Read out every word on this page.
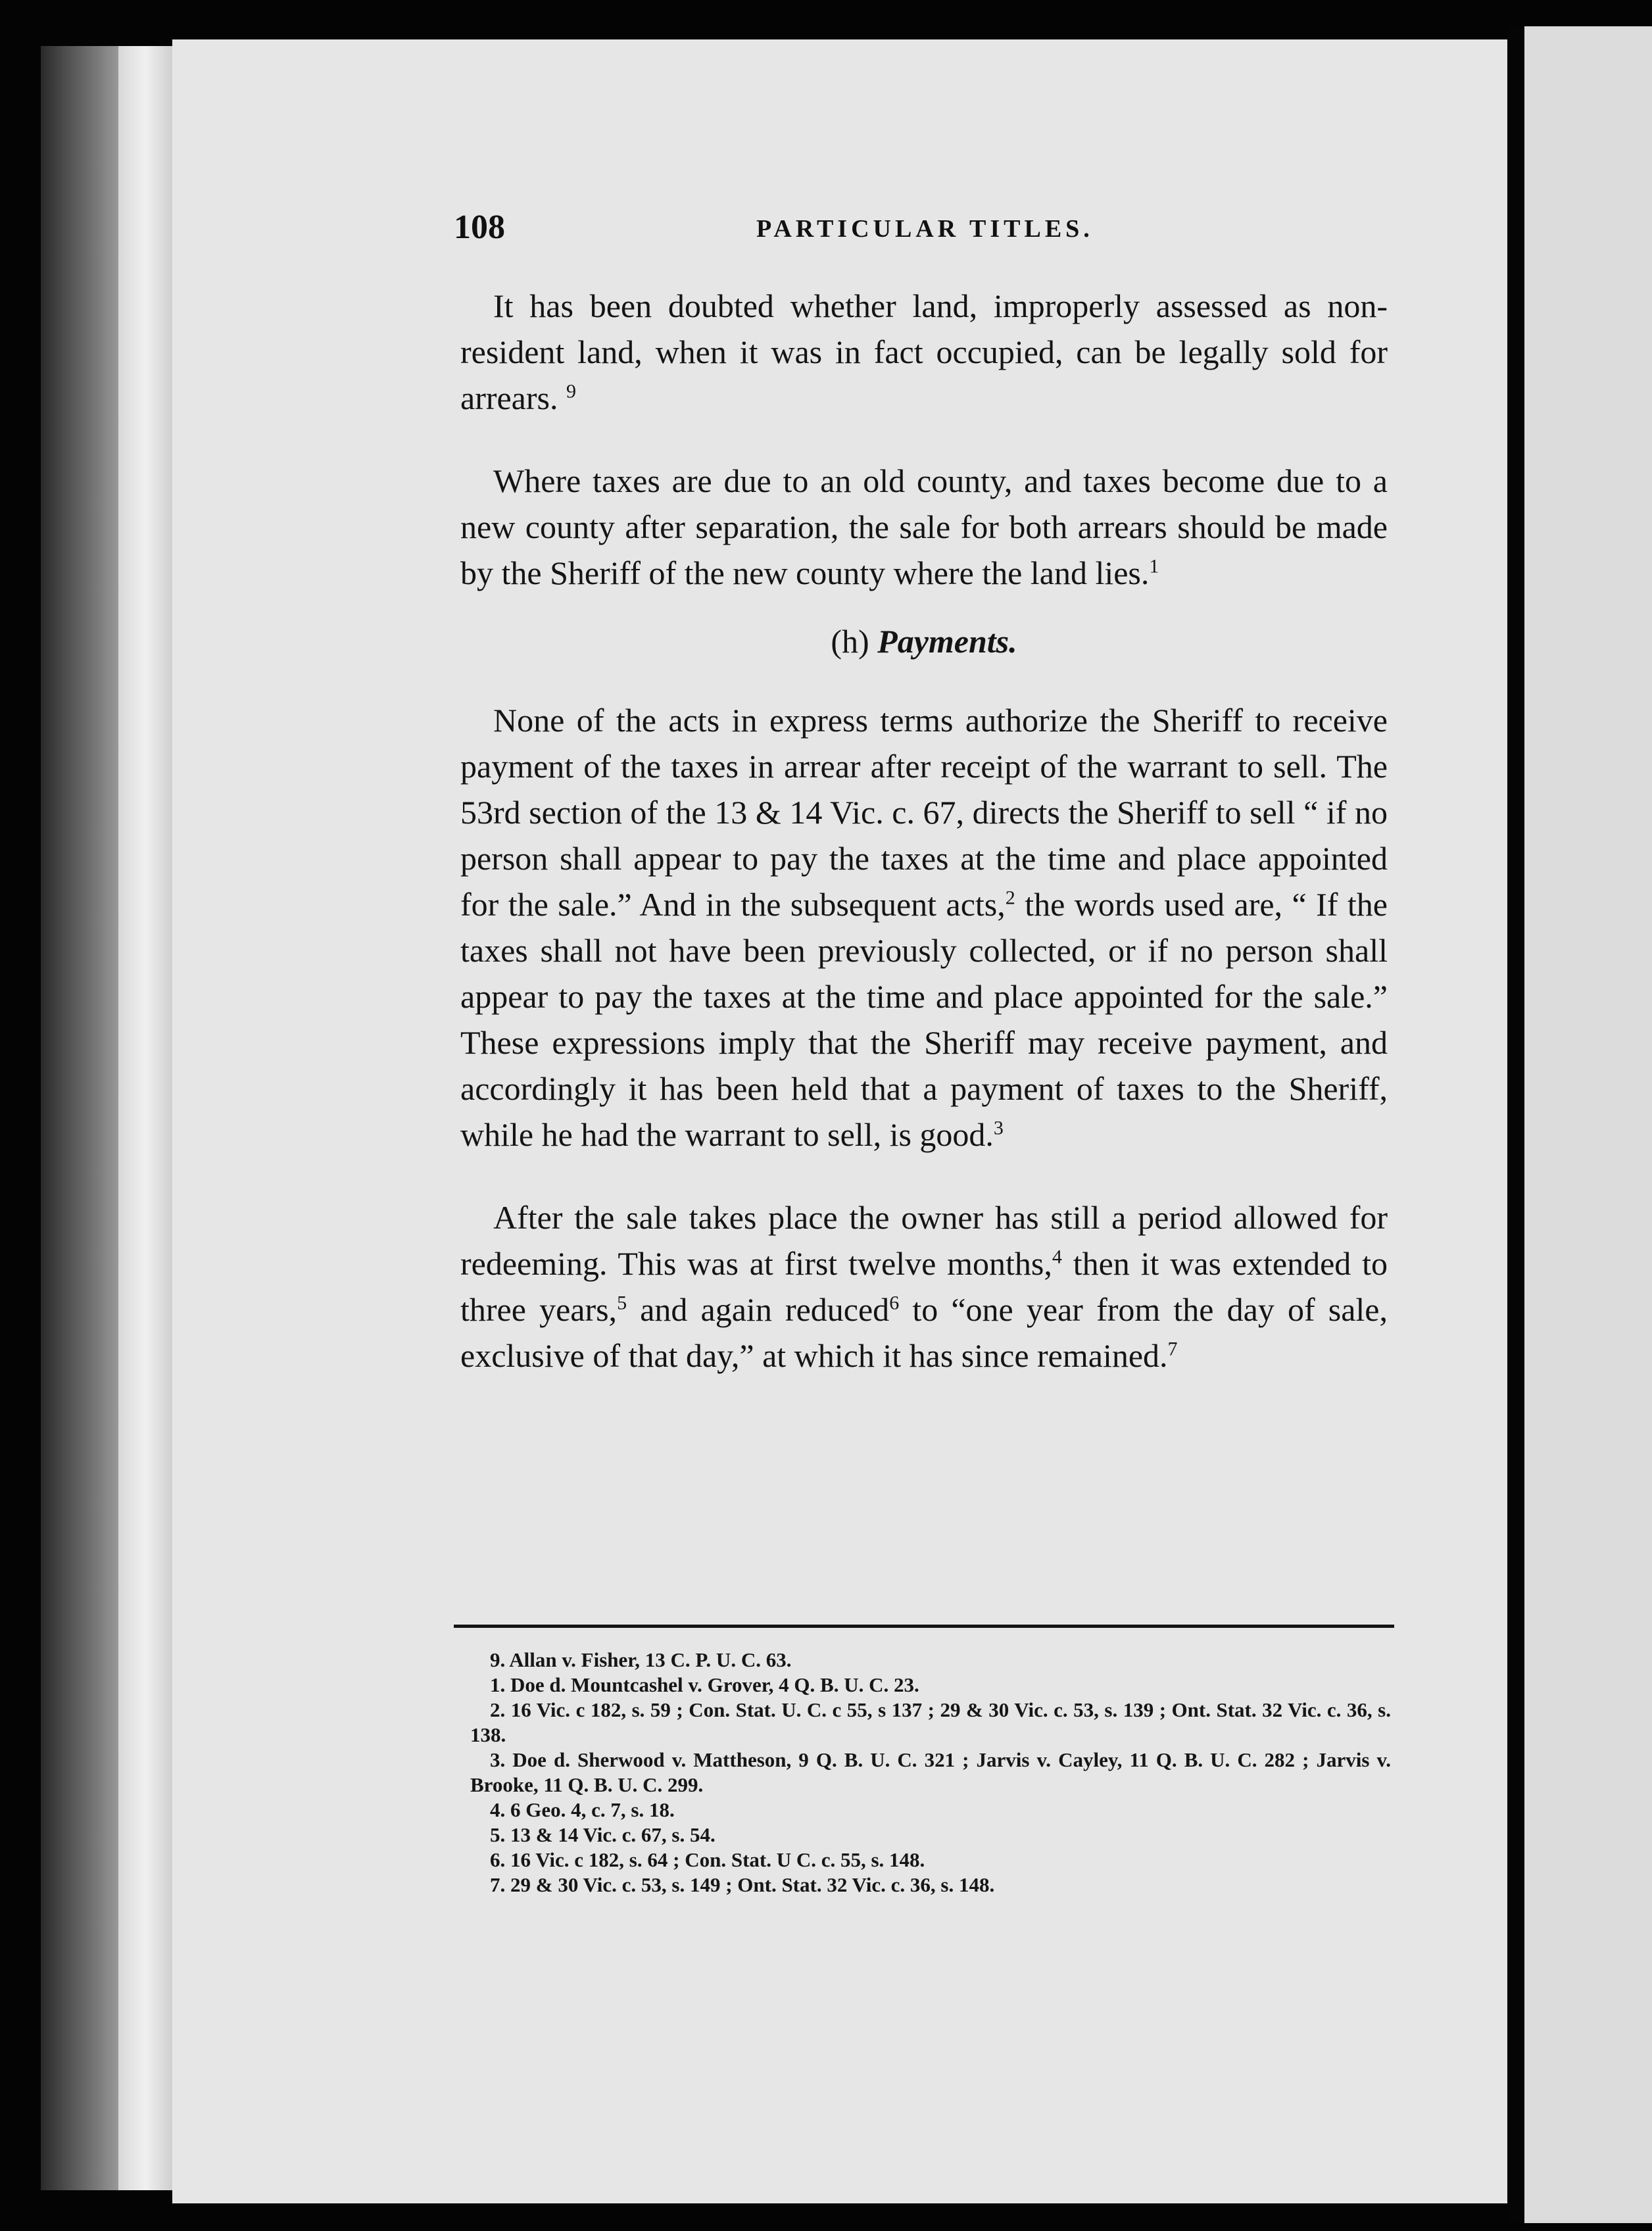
108	PARTICULAR TITLES.

It has been doubted whether land, improperly assessed as non-resident land, when it was in fact occupied, can be legally sold for arrears. $^9$

Where taxes are due to an old county, and taxes become due to a new county after separation, the sale for both arrears should be made by the Sheriff of the new county where the land lies.$^1$

(h) Payments.

None of the acts in express terms authorize the Sheriff to receive payment of the taxes in arrear after receipt of the warrant to sell. The 53rd section of the 13 & 14 Vic. c. 67, directs the Sheriff to sell “ if no person shall appear to pay the taxes at the time and place appointed for the sale.” And in the subsequent acts,$^2$ the words used are, “ If the taxes shall not have been previously collected, or if no person shall appear to pay the taxes at the time and place appointed for the sale.” These expressions imply that the Sheriff may receive payment, and accordingly it has been held that a payment of taxes to the Sheriff, while he had the warrant to sell, is good.$^3$

After the sale takes place the owner has still a period allowed for redeeming. This was at first twelve months,$^4$ then it was extended to three years,$^5$ and again reduced$^6$ to “one year from the day of sale, exclusive of that day,” at which it has since remained.$^7$

9. Allan v. Fisher, 13 C. P. U. C. 63.

1. Doe d. Mountcashel v. Grover, 4 Q. B. U. C. 23.

2. 16 Vic. c 182, s. 59 ; Con. Stat. U. C. c 55, s 137 ; 29 & 30 Vic. c. 53, s. 139 ; Ont. Stat. 32 Vic. c. 36, s. 138.

3. Doe d. Sherwood v. Mattheson, 9 Q. B. U. C. 321 ; Jarvis v. Cayley, 11 Q. B. U. C. 282 ; Jarvis v. Brooke, 11 Q. B. U. C. 299.

4. 6 Geo. 4, c. 7, s. 18.

5. 13 & 14 Vic. c. 67, s. 54.

6. 16 Vic. c 182, s. 64 ; Con. Stat. U C. c. 55, s. 148.

7. 29 & 30 Vic. c. 53, s. 149 ; Ont. Stat. 32 Vic. c. 36, s. 148.
